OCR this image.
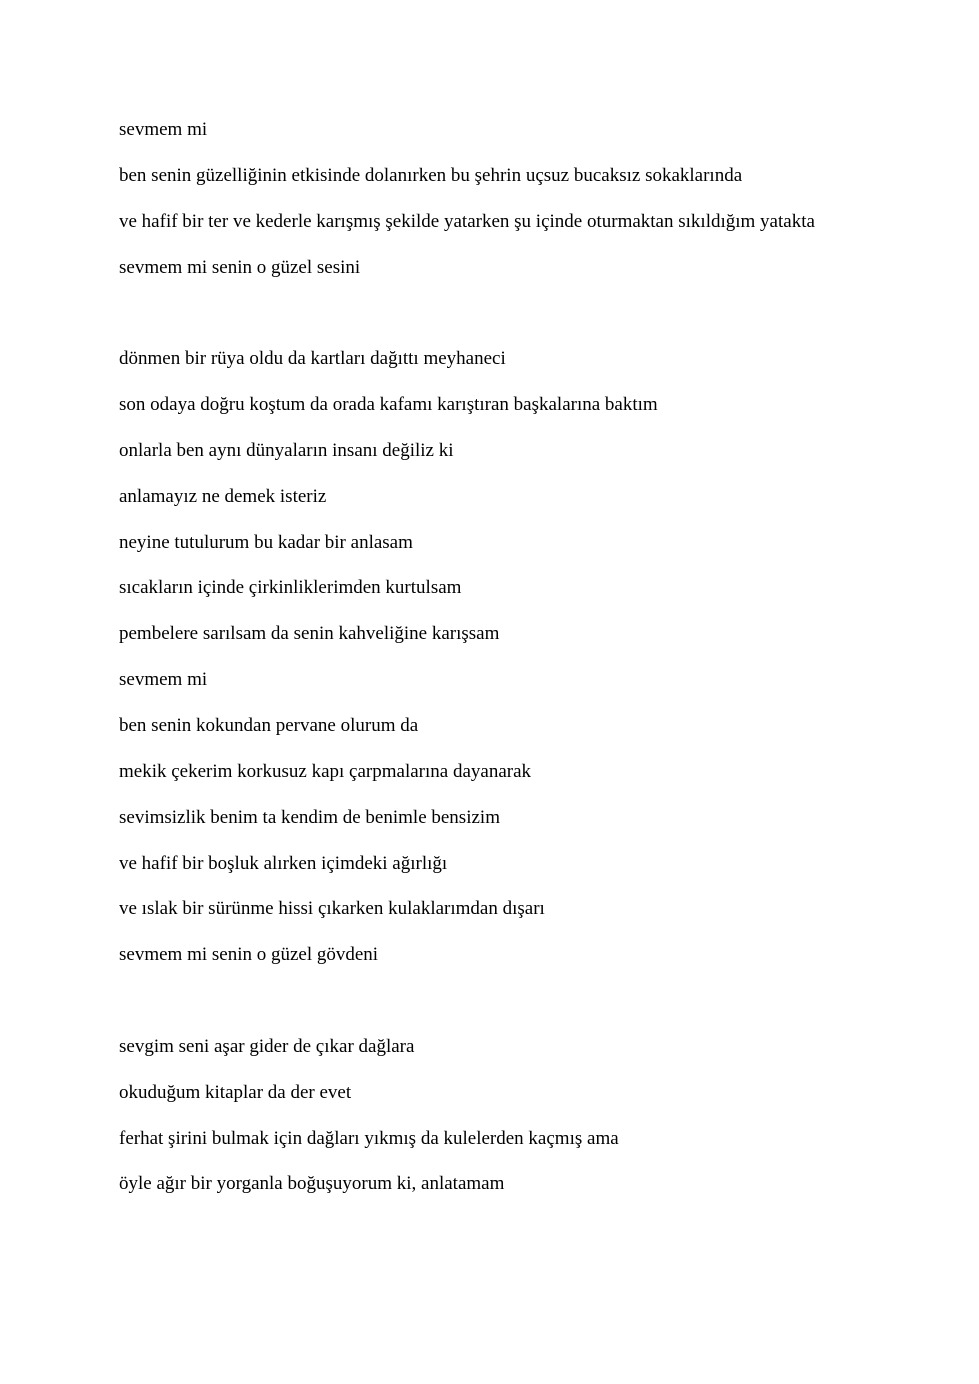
sevmem mi
ben senin güzelliğinin etkisinde dolanırken bu şehrin uçsuz bucaksız sokaklarında
ve hafif bir ter ve kederle karışmış şekilde yatarken şu içinde oturmaktan sıkıldığım yatakta
sevmem mi senin o güzel sesini
dönmen bir rüya oldu da kartları dağıttı meyhaneci
son odaya doğru koştum da orada kafamı karıştıran başkalarına baktım
onlarla ben aynı dünyaların insanı değiliz ki
anlamayız ne demek isteriz
neyine tutulurum bu kadar bir anlasam
sıcakların içinde çirkinliklerimden kurtulsam
pembelere sarılsam da senin kahveliğine karışsam
sevmem mi
ben senin kokundan pervane olurum da
mekik çekerim korkusuz kapı çarpmalarına dayanarak
sevimsizlik benim ta kendim de benimle bensizim
ve hafif bir boşluk alırken içimdeki ağırlığı
ve ıslak bir sürünme hissi çıkarken kulaklarımdan dışarı
sevmem mi senin o güzel gövdeni
sevgim seni aşar gider de çıkar dağlara
okuduğum kitaplar da der evet
ferhat şirini bulmak için dağları yıkmış da kulelerden kaçmış ama
öyle ağır bir yorganla boğuşuyorum ki, anlatamam
